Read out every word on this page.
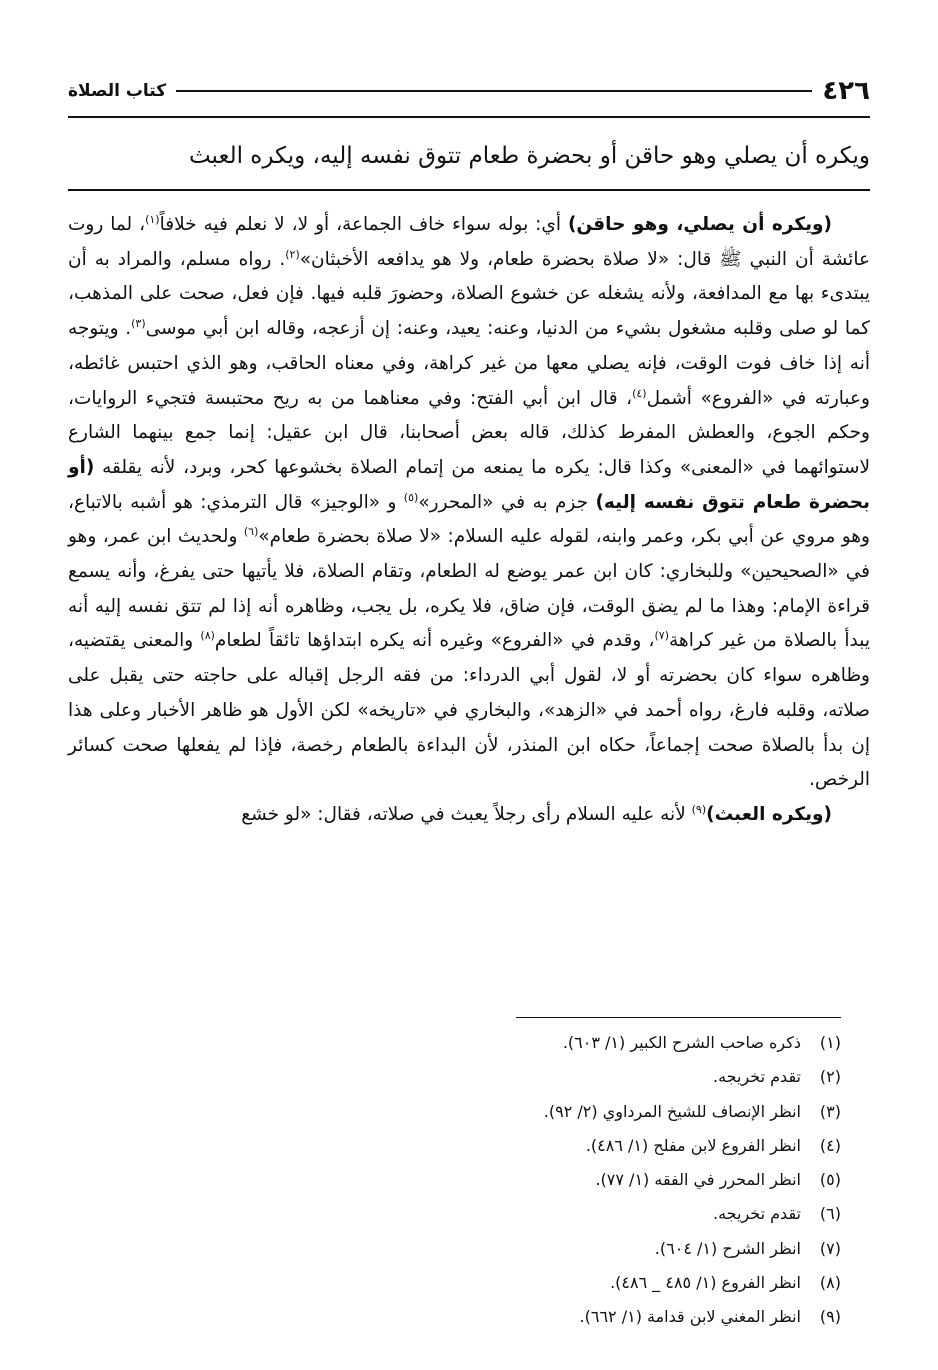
٤٢٦
كتاب الصلاة
ويكره أن يصلي وهو حاقن أو بحضرة طعام تتوق نفسه إليه، ويكره العبث

(ويكره أن يصلي، وهو حاقن) أي: بوله سواء خاف الجماعة، أو لا، لا نعلم فيه خلافاً$^{(١)}$، لما روت عائشة أن النبي ﷺ قال: «لا صلاة بحضرة طعام، ولا هو يدافعه الأخبثان»$^{(٢)}$. رواه مسلم، والمراد به أن يبتدىء بها مع المدافعة، ولأنه يشغله عن خشوع الصلاة، وحضورَ قلبه فيها. فإن فعل، صحت على المذهب، كما لو صلى وقلبه مشغول بشيء من الدنيا، وعنه: يعيد، وعنه: إن أزعجه، وقاله ابن أبي موسى$^{(٣)}$. ويتوجه أنه إذا خاف فوت الوقت، فإنه يصلي معها من غير كراهة، وفي معناه الحاقب، وهو الذي احتبس غائطه، وعبارته في «الفروع» أشمل$^{(٤)}$، قال ابن أبي الفتح: وفي معناهما من به ريح محتبسة فتجيء الروايات، وحكم الجوع، والعطش المفرط كذلك، قاله بعض أصحابنا، قال ابن عقيل: إنما جمع بينهما الشارع لاستوائهما في «المعنى» وكذا قال: يكره ما يمنعه من إتمام الصلاة بخشوعها كحر، وبرد، لأنه يقلقه (أو بحضرة طعام تتوق نفسه إليه) جزم به في «المحرر»$^{(٥)}$ و «الوجيز» قال الترمذي: هو أشبه بالاتباع، وهو مروي عن أبي بكر، وعمر وابنه، لقوله عليه السلام: «لا صلاة بحضرة طعام»$^{(٦)}$ ولحديث ابن عمر، وهو في «الصحيحين» وللبخاري: كان ابن عمر يوضع له الطعام، وتقام الصلاة، فلا يأتيها حتى يفرغ، وأنه يسمع قراءة الإمام: وهذا ما لم يضق الوقت، فإن ضاق، فلا يكره، بل يجب، وظاهره أنه إذا لم تتق نفسه إليه أنه يبدأ بالصلاة من غير كراهة$^{(٧)}$، وقدم في «الفروع» وغيره أنه يكره ابتداؤها تائقاً لطعام$^{(٨)}$ والمعنى يقتضيه، وظاهره سواء كان بحضرته أو لا، لقول أبي الدرداء: من فقه الرجل إقباله على حاجته حتى يقبل على صلاته، وقلبه فارغ، رواه أحمد في «الزهد»، والبخاري في «تاريخه» لكن الأول هو ظاهر الأخبار وعلى هذا إن بدأ بالصلاة صحت إجماعاً، حكاه ابن المنذر، لأن البداءة بالطعام رخصة، فإذا لم يفعلها صحت كسائر الرخص.

(ويكره العبث)$^{(٩)}$ لأنه عليه السلام رأى رجلاً يعبث في صلاته، فقال: «لو خشع

(١)ذكره صاحب الشرح الكبير (١/ ٦٠٣).
(٢)تقدم تخريجه.
(٣)انظر الإنصاف للشيخ المرداوي (٢/ ٩٢).
(٤)انظر الفروع لابن مفلح (١/ ٤٨٦).
(٥)انظر المحرر في الفقه (١/ ٧٧).
(٦)تقدم تخريجه.
(٧)انظر الشرح (١/ ٦٠٤).
(٨)انظر الفروع (١/ ٤٨٥ _ ٤٨٦).
(٩)انظر المغني لابن قدامة (١/ ٦٦٢).
